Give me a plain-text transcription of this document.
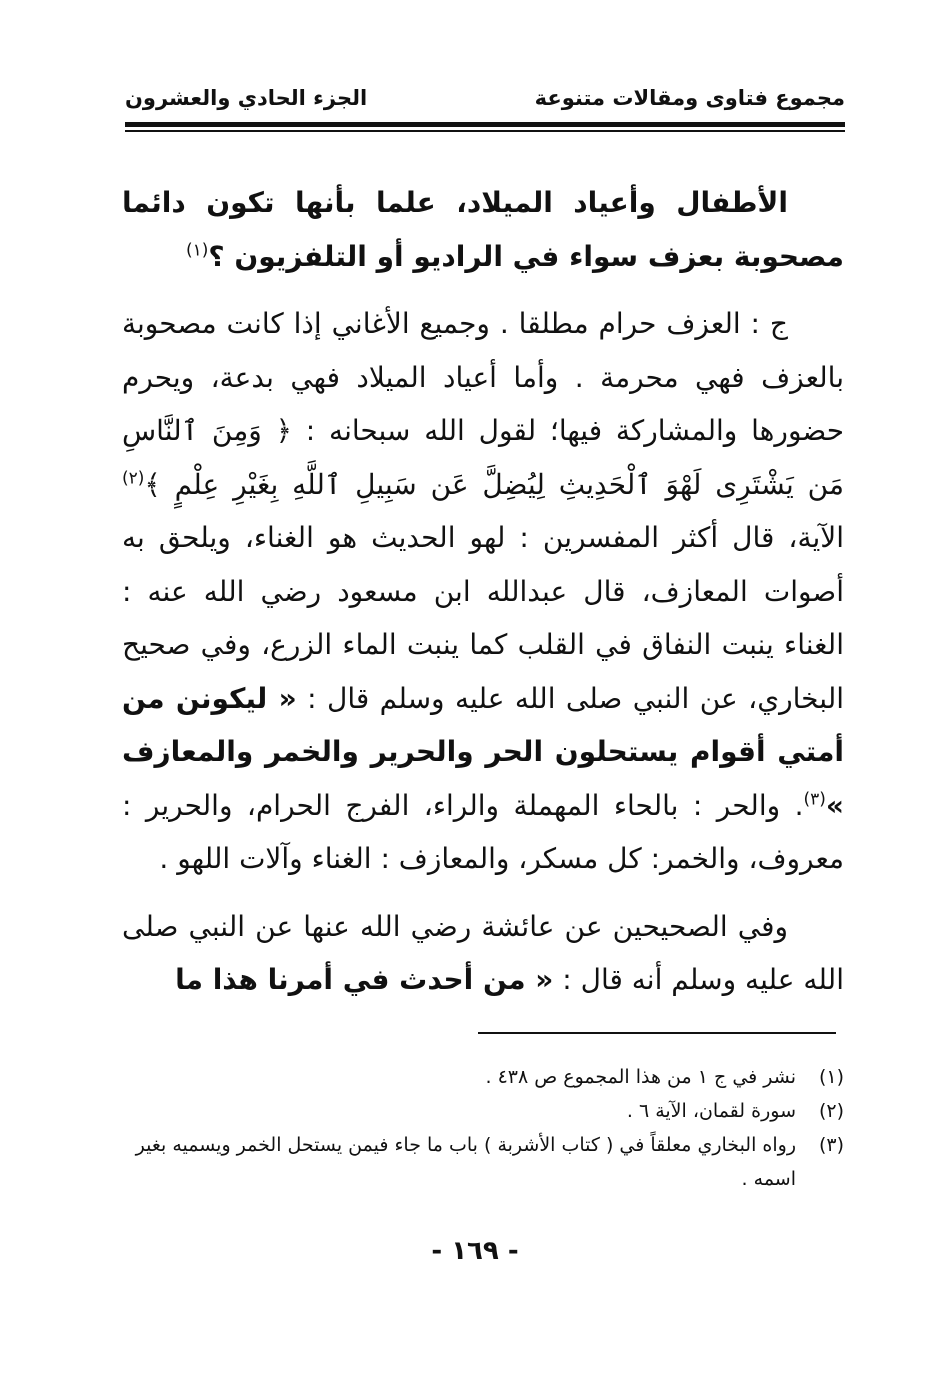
مجموع فتاوى ومقالات متنوعة
الجزء الحادي والعشرون

الأطفال وأعياد الميلاد، علما بأنها تكون دائما مصحوبة بعزف سواء في الراديو أو التلفزيون ؟$^{(١)}$

ج : العزف حرام مطلقا . وجميع الأغاني إذا كانت مصحوبة بالعزف فهي محرمة . وأما أعياد الميلاد فهي بدعة، ويحرم حضورها والمشاركة فيها؛ لقول الله سبحانه : ﴿ وَمِنَ ٱلنَّاسِ مَن يَشْتَرِى لَهْوَ ٱلْحَدِيثِ لِيُضِلَّ عَن سَبِيلِ ٱللَّهِ بِغَيْرِ عِلْمٍ ﴾$^{(٢)}$ الآية، قال أكثر المفسرين : لهو الحديث هو الغناء، ويلحق به أصوات المعازف، قال عبدالله ابن مسعود رضي الله عنه : الغناء ينبت النفاق في القلب كما ينبت الماء الزرع، وفي صحيح البخاري، عن النبي صلى الله عليه وسلم قال : « ليكونن من أمتي أقوام يستحلون الحر والحرير والخمر والمعازف »$^{(٣)}$. والحر : بالحاء المهملة والراء، الفرج الحرام، والحرير : معروف، والخمر: كل مسكر، والمعازف : الغناء وآلات اللهو .

وفي الصحيحين عن عائشة رضي الله عنها عن النبي صلى الله عليه وسلم أنه قال : « من أحدث في أمرنا هذا ما

(١)
نشر في ج ١ من هذا المجموع ص ٤٣٨ .
(٢)
سورة لقمان، الآية ٦ .
(٣)
رواه البخاري معلقاً في ( كتاب الأشربة ) باب ما جاء فيمن يستحل الخمر ويسميه بغير اسمه .
- ١٦٩ -
